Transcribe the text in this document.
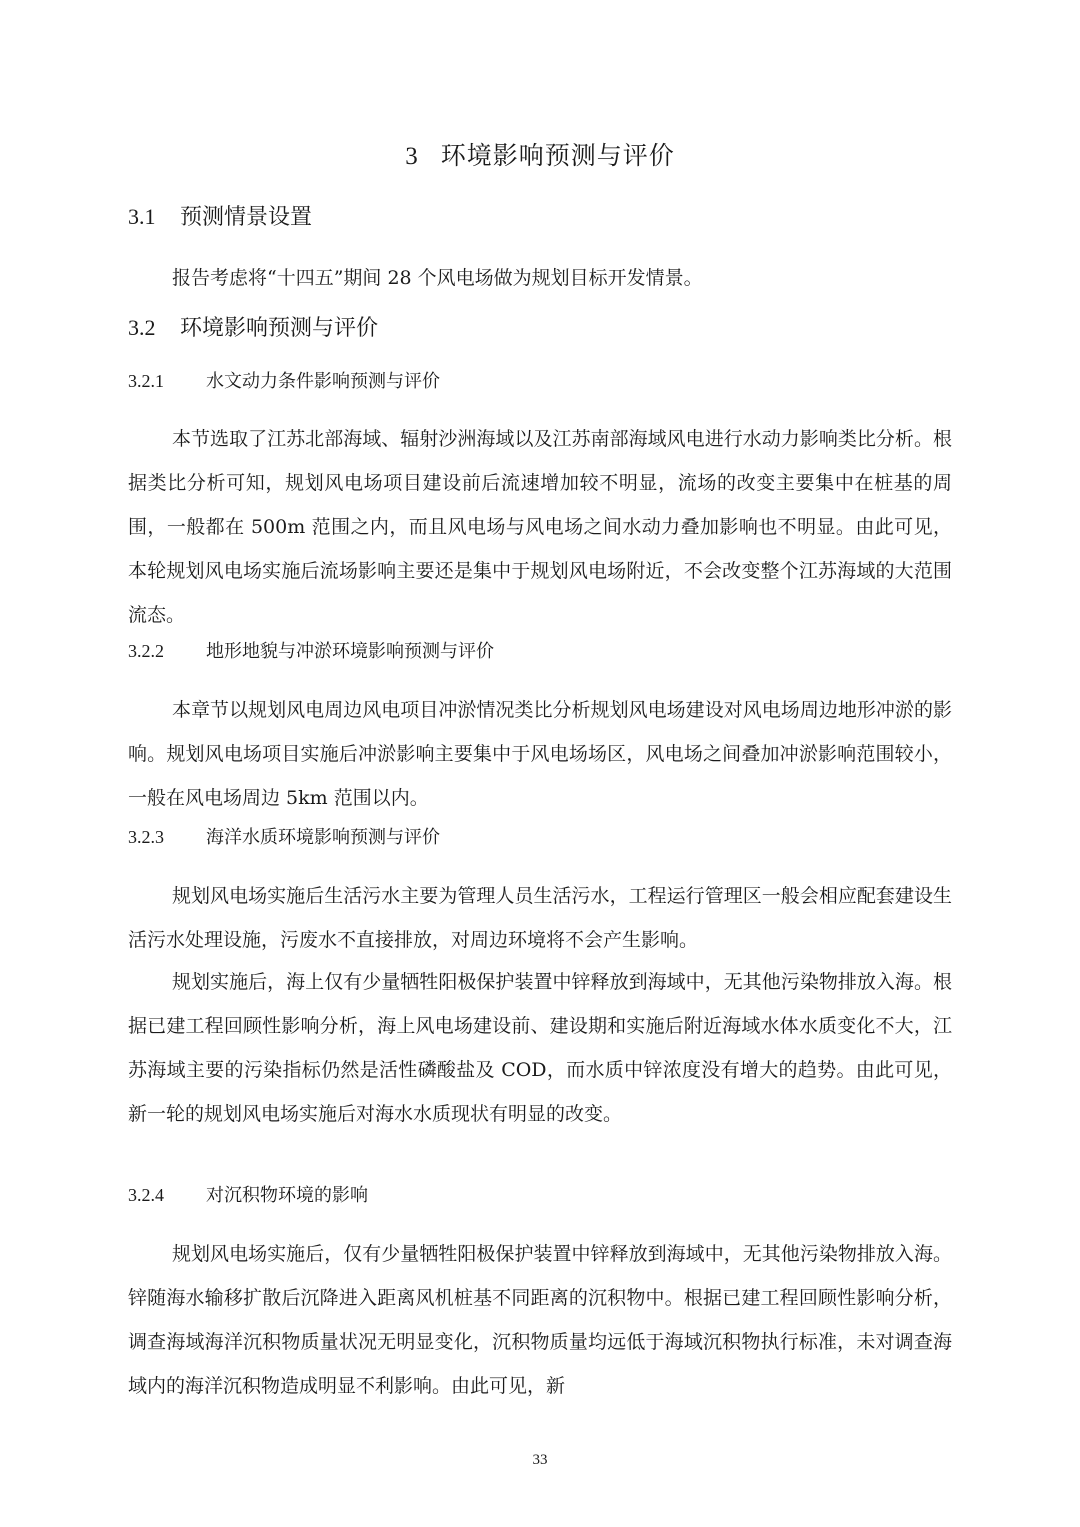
3 环境影响预测与评价
3.1 预测情景设置

报告考虑将“十四五”期间 28 个风电场做为规划目标开发情景。

3.2 环境影响预测与评价
3.2.1 水文动力条件影响预测与评价

本节选取了江苏北部海域、辐射沙洲海域以及江苏南部海域风电进行水动力影响类比分析。根据类比分析可知，规划风电场项目建设前后流速增加较不明显，流场的改变主要集中在桩基的周围，一般都在 500m 范围之内，而且风电场与风电场之间水动力叠加影响也不明显。由此可见，本轮规划风电场实施后流场影响主要还是集中于规划风电场附近，不会改变整个江苏海域的大范围流态。

3.2.2 地形地貌与冲淤环境影响预测与评价

本章节以规划风电周边风电项目冲淤情况类比分析规划风电场建设对风电场周边地形冲淤的影响。规划风电场项目实施后冲淤影响主要集中于风电场场区，风电场之间叠加冲淤影响范围较小，一般在风电场周边 5km 范围以内。

3.2.3 海洋水质环境影响预测与评价

规划风电场实施后生活污水主要为管理人员生活污水，工程运行管理区一般会相应配套建设生活污水处理设施，污废水不直接排放，对周边环境将不会产生影响。

规划实施后，海上仅有少量牺牲阳极保护装置中锌释放到海域中，无其他污染物排放入海。根据已建工程回顾性影响分析，海上风电场建设前、建设期和实施后附近海域水体水质变化不大，江苏海域主要的污染指标仍然是活性磷酸盐及 COD，而水质中锌浓度没有增大的趋势。由此可见，新一轮的规划风电场实施后对海水水质现状有明显的改变。

3.2.4 对沉积物环境的影响

规划风电场实施后，仅有少量牺牲阳极保护装置中锌释放到海域中，无其他污染物排放入海。锌随海水输移扩散后沉降进入距离风机桩基不同距离的沉积物中。根据已建工程回顾性影响分析，调查海域海洋沉积物质量状况无明显变化，沉积物质量均远低于海域沉积物执行标准，未对调查海域内的海洋沉积物造成明显不利影响。由此可见，新

33
